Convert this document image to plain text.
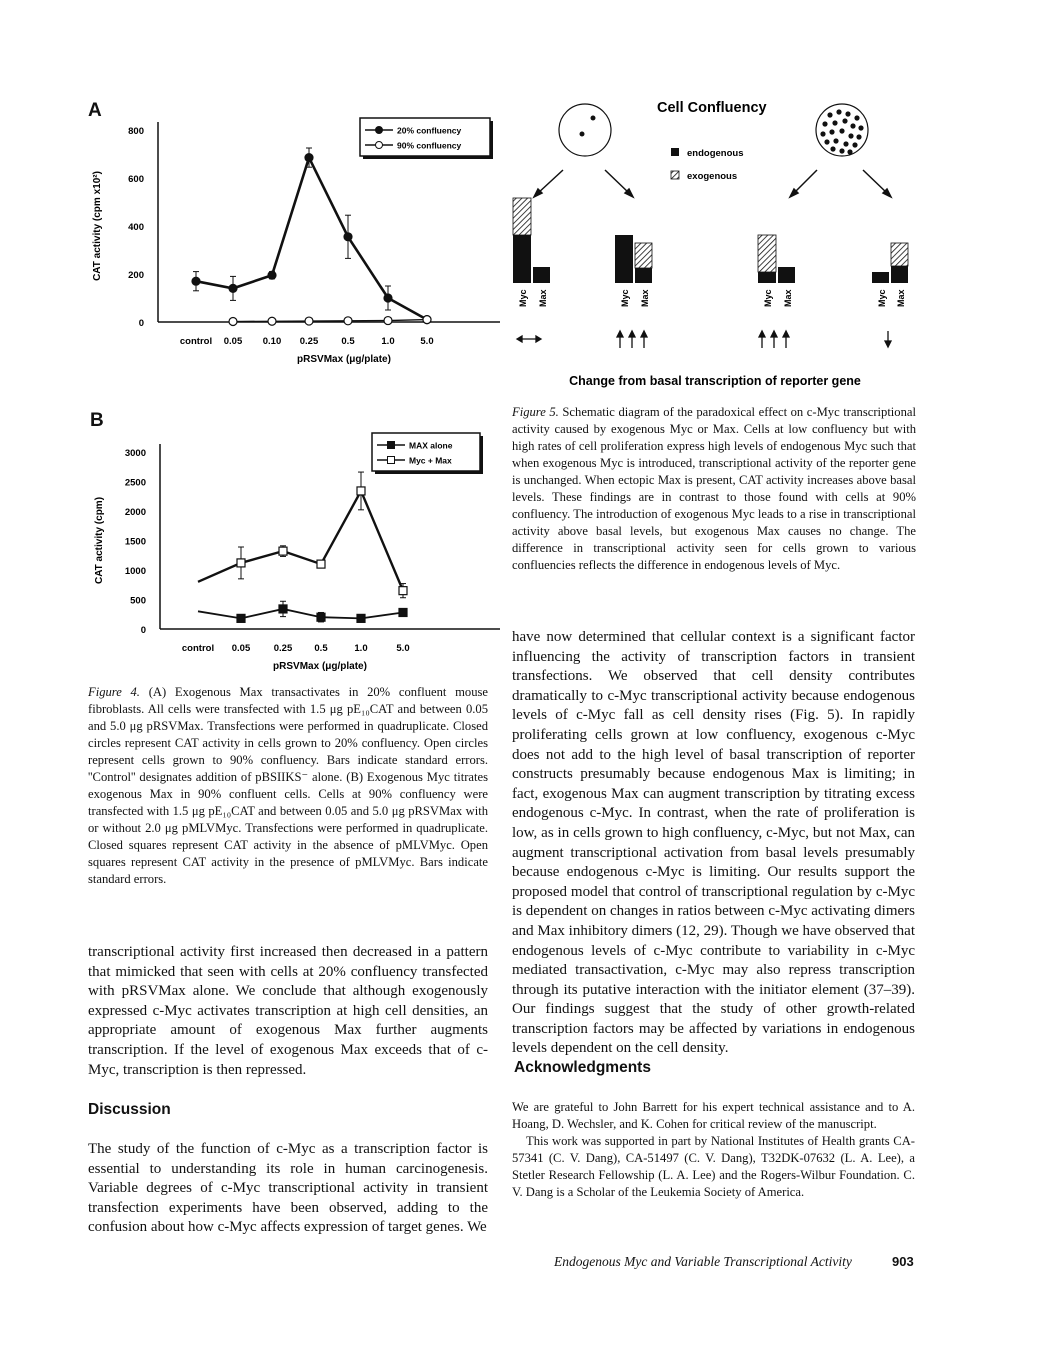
A
0
200
400
600
800
control 0.05 0.10 0.25 0.5	1.0	5.0
pRSVMax (μg/plate)
CAT activity (cpm x10²)
20% confluency
90% confluency
B
0
500
1000
1500
2000
2500
3000
control 0.05 0.25 0.5	1.0	5.0
pRSVMax (μg/plate)
CAT activity (cpm)
MAX alone
Myc + Max
Figure 4. (A) Exogenous Max transactivates in 20% confluent mouse fibroblasts. All cells were transfected with 1.5 μg pE₁₀CAT and between 0.05 and 5.0 μg pRSVMax. Transfections were performed in quadruplicate. Closed circles represent CAT activity in cells grown to 20% confluency. Open circles represent cells grown to 90% confluency. Bars indicate standard errors. ''Control'' designates addition of pBSIIKS⁻ alone. (B) Exogenous Myc titrates exogenous Max in 90% confluent cells. Cells at 90% confluency were transfected with 1.5 μg pE₁₀CAT and between 0.05 and 5.0 μg pRSVMax with or without 2.0 μg pMLVMyc. Transfections were performed in quadruplicate. Closed squares represent CAT activity in the absence of pMLVMyc. Open squares represent CAT activity in the presence of pMLVMyc. Bars indicate standard errors.
transcriptional activity first increased then decreased in a pattern that mimicked that seen with cells at 20% confluency transfected with pRSVMax alone. We conclude that although exogenously expressed c-Myc activates transcription at high cell densities, an appropriate amount of exogenous Max further augments transcription. If the level of exogenous Max exceeds that of c-Myc, transcription is then repressed.
Discussion
The study of the function of c-Myc as a transcription factor is essential to understanding its role in human carcinogenesis. Variable degrees of c-Myc transcriptional activity in transient transfection experiments have been observed, adding to the confusion about how c-Myc affects expression of target genes. We
Cell Confluency
endogenous
exogenous
Myc Max	Myc Max	Myc Max	Myc Max
Change from basal transcription of reporter gene
Figure 5. Schematic diagram of the paradoxical effect on c-Myc transcriptional activity caused by exogenous Myc or Max. Cells at low confluency but with high rates of cell proliferation express high levels of endogenous Myc such that when exogenous Myc is introduced, transcriptional activity of the reporter gene is unchanged. When ectopic Max is present, CAT activity increases above basal levels. These findings are in contrast to those found with cells at 90% confluency. The introduction of exogenous Myc leads to a rise in transcriptional activity above basal levels, but exogenous Max causes no change. The difference in transcriptional activity seen for cells grown to various confluencies reflects the difference in endogenous levels of Myc.
have now determined that cellular context is a significant factor influencing the activity of transcription factors in transient transfections. We observed that cell density contributes dramatically to c-Myc transcriptional activity because endogenous levels of c-Myc fall as cell density rises (Fig. 5). In rapidly proliferating cells grown at low confluency, exogenous c-Myc does not add to the high level of basal transcription of reporter constructs presumably because endogenous Max is limiting; in fact, exogenous Max can augment transcription by titrating excess endogenous c-Myc. In contrast, when the rate of proliferation is low, as in cells grown to high confluency, c-Myc, but not Max, can augment transcriptional activation from basal levels presumably because endogenous c-Myc is limiting. Our results support the proposed model that control of transcriptional regulation by c-Myc is dependent on changes in ratios between c-Myc activating dimers and Max inhibitory dimers (12, 29). Though we have observed that endogenous levels of c-Myc contribute to variability in c-Myc mediated transactivation, c-Myc may also repress transcription through its putative interaction with the initiator element (37–39). Our findings suggest that the study of other growth-related transcription factors may be affected by variations in endogenous levels dependent on the cell density.
Acknowledgments

We are grateful to John Barrett for his expert technical assistance and to A. Hoang, D. Wechsler, and K. Cohen for critical review of the manuscript.

This work was supported in part by National Institutes of Health grants CA-57341 (C. V. Dang), CA-51497 (C. V. Dang), T32DK-07632 (L. A. Lee), a Stetler Research Fellowship (L. A. Lee) and the Rogers-Wilbur Foundation. C. V. Dang is a Scholar of the Leukemia Society of America.

Endogenous Myc and Variable Transcriptional Activity	903
